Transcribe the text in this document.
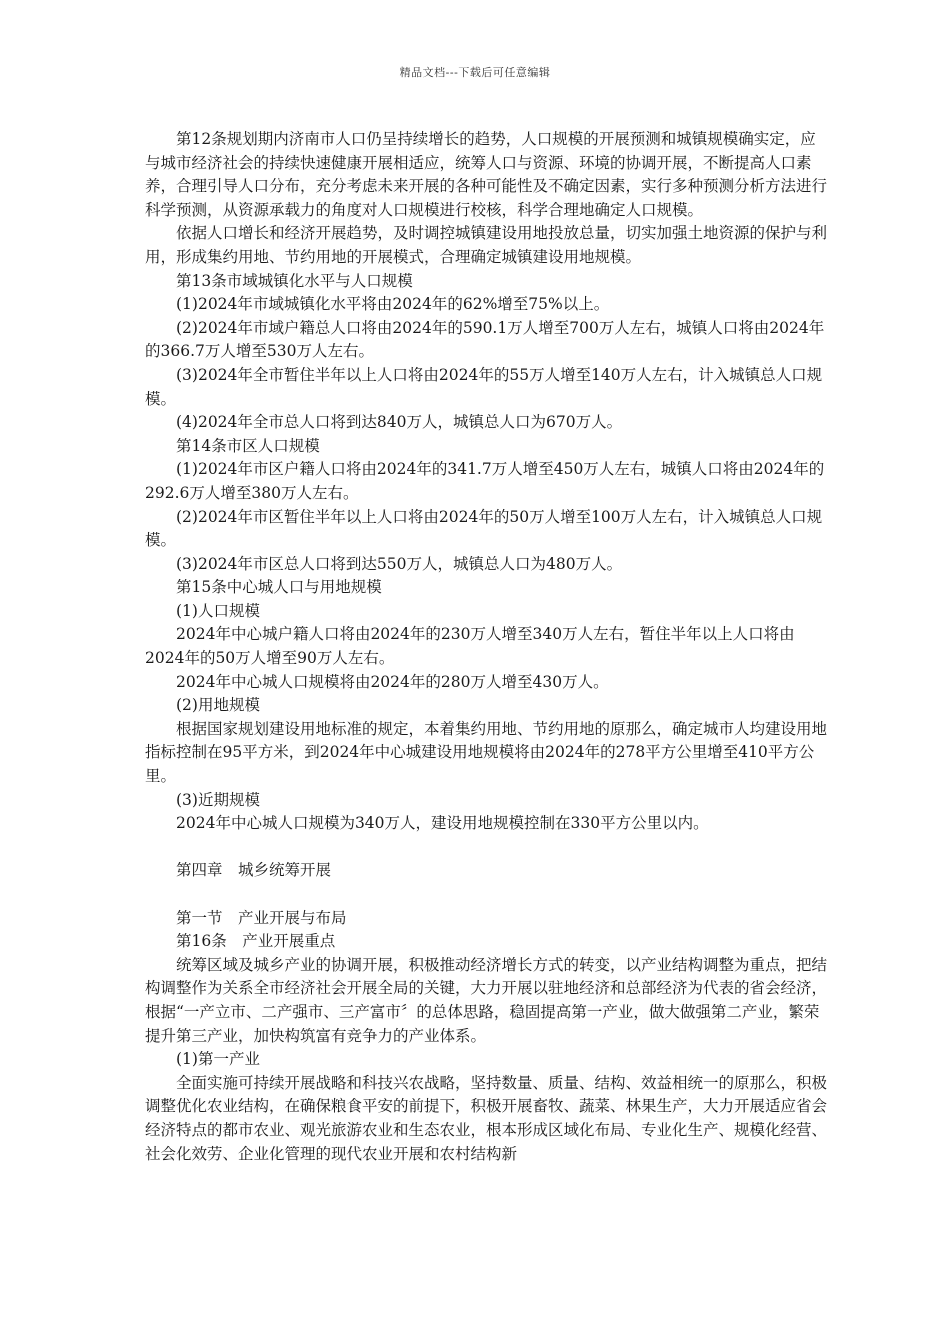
精品文档---下载后可任意编辑

第12条规划期内济南市人口仍呈持续增长的趋势，人口规模的开展预测和城镇规模确实定，应与城市经济社会的持续快速健康开展相适应，统筹人口与资源、环境的协调开展，不断提高人口素养，合理引导人口分布，充分考虑未来开展的各种可能性及不确定因素，实行多种预测分析方法进行科学预测，从资源承载力的角度对人口规模进行校核，科学合理地确定人口规模。

依据人口增长和经济开展趋势，及时调控城镇建设用地投放总量，切实加强土地资源的保护与利用，形成集约用地、节约用地的开展模式，合理确定城镇建设用地规模。

第13条市域城镇化水平与人口规模

(1)2024年市域城镇化水平将由2024年的62%增至75%以上。

(2)2024年市域户籍总人口将由2024年的590.1万人增至700万人左右，城镇人口将由2024年的366.7万人增至530万人左右。

(3)2024年全市暂住半年以上人口将由2024年的55万人增至140万人左右，计入城镇总人口规模。

(4)2024年全市总人口将到达840万人，城镇总人口为670万人。

第14条市区人口规模

(1)2024年市区户籍人口将由2024年的341.7万人增至450万人左右，城镇人口将由2024年的292.6万人增至380万人左右。

(2)2024年市区暂住半年以上人口将由2024年的50万人增至100万人左右，计入城镇总人口规模。

(3)2024年市区总人口将到达550万人，城镇总人口为480万人。

第15条中心城人口与用地规模

(1)人口规模

2024年中心城户籍人口将由2024年的230万人增至340万人左右，暂住半年以上人口将由2024年的50万人增至90万人左右。

2024年中心城人口规模将由2024年的280万人增至430万人。

(2)用地规模

根据国家规划建设用地标准的规定，本着集约用地、节约用地的原那么，确定城市人均建设用地指标控制在95平方米，到2024年中心城建设用地规模将由2024年的278平方公里增至410平方公里。

(3)近期规模

2024年中心城人口规模为340万人，建设用地规模控制在330平方公里以内。

第四章　城乡统筹开展

第一节　产业开展与布局

第16条　产业开展重点

统筹区域及城乡产业的协调开展，积极推动经济增长方式的转变，以产业结构调整为重点，把结构调整作为关系全市经济社会开展全局的关键，大力开展以驻地经济和总部经济为代表的省会经济，根据“一产立市、二产强市、三产富市〞的总体思路，稳固提高第一产业，做大做强第二产业，繁荣提升第三产业，加快构筑富有竞争力的产业体系。

(1)第一产业

全面实施可持续开展战略和科技兴农战略，坚持数量、质量、结构、效益相统一的原那么，积极调整优化农业结构，在确保粮食平安的前提下，积极开展畜牧、蔬菜、林果生产，大力开展适应省会经济特点的都市农业、观光旅游农业和生态农业，根本形成区域化布局、专业化生产、规模化经营、社会化效劳、企业化管理的现代农业开展和农村结构新
